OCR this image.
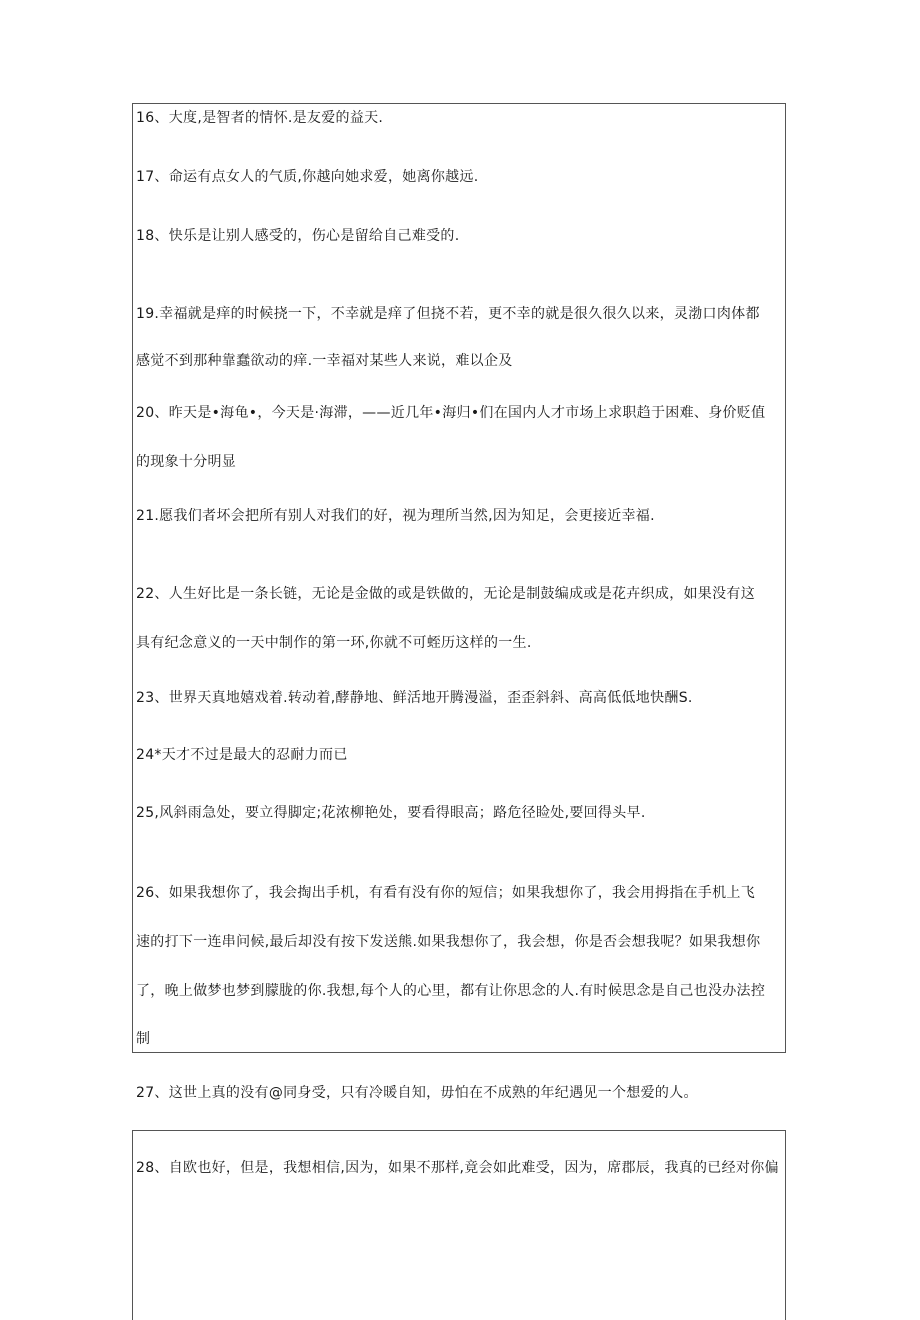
16、大度,是智者的情怀.是友爱的益天.
17、命运有点女人的气质,你越向她求爱，她离你越远.
18、快乐是让别人感受的，伤心是留给自己难受的.
19.幸福就是痒的时候挠一下，不幸就是痒了但挠不若，更不幸的就是很久很久以来，灵渤口肉体都
感觉不到那种靠蠢欲动的痒.一幸福对某些人来说，难以企及
20、昨天是•海龟•，今天是·海滞，——近几年•海归•们在国内人才市场上求职趋于困难、身价贬值
的现象十分明显
21.愿我们者坏会把所有别人对我们的好，视为理所当然,因为知足，会更接近幸福.
22、人生好比是一条长链，无论是金做的或是铁做的，无论是制鼓编成或是花卉织成，如果没有这
具有纪念意义的一天中制作的第一环,你就不可蛭历这样的一生.
23、世界天真地嬉戏着.转动着,酵静地、鲜活地开腾漫溢，歪歪斜斜、高高低低地快酬S.
24*天才不过是最大的忍耐力而已
25,风斜雨急处，要立得脚定;花浓柳艳处，要看得眼高；路危径睑处,要回得头早.
26、如果我想你了，我会掏出手机，有看有没有你的短信；如果我想你了，我会用拇指在手机上飞
速的打下一连串问候,最后却没有按下发送熊.如果我想你了，我会想，你是否会想我呢？如果我想你
了，晚上做梦也梦到朦胧的你.我想,每个人的心里，都有让你思念的人.有时候思念是自己也没办法控
制
27、这世上真的没有@同身受，只有冷暖自知，毋怕在不成熟的年纪遇见一个想爱的人。
28、自欧也好，但是，我想相信,因为，如果不那样,竟会如此难受，因为，席郡辰，我真的已经对你偏
